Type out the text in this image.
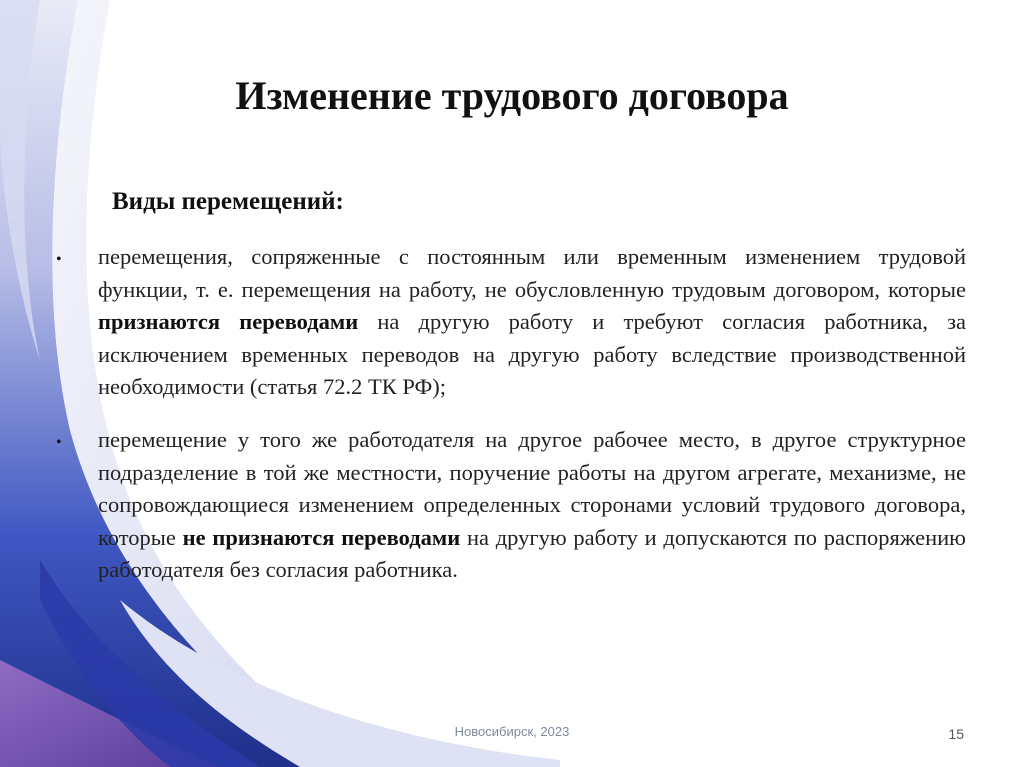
Изменение трудового договора
Виды перемещений:
• перемещения, сопряженные с постоянным или временным изменением трудовой функции, т. е. перемещения на работу, не обусловленную трудовым договором, которые признаются переводами на другую работу и требуют согласия работника, за исключением временных переводов на другую работу вследствие производственной необходимости (статья 72.2 ТК РФ);

• перемещение у того же работодателя на другое рабочее место, в другое структурное подразделение в той же местности, поручение работы на другом агрегате, механизме, не сопровождающиеся изменением определенных сторонами условий трудового договора, которые не признаются переводами на другую работу и допускаются по распоряжению работодателя без согласия работника.

Новосибирск, 2023	15
